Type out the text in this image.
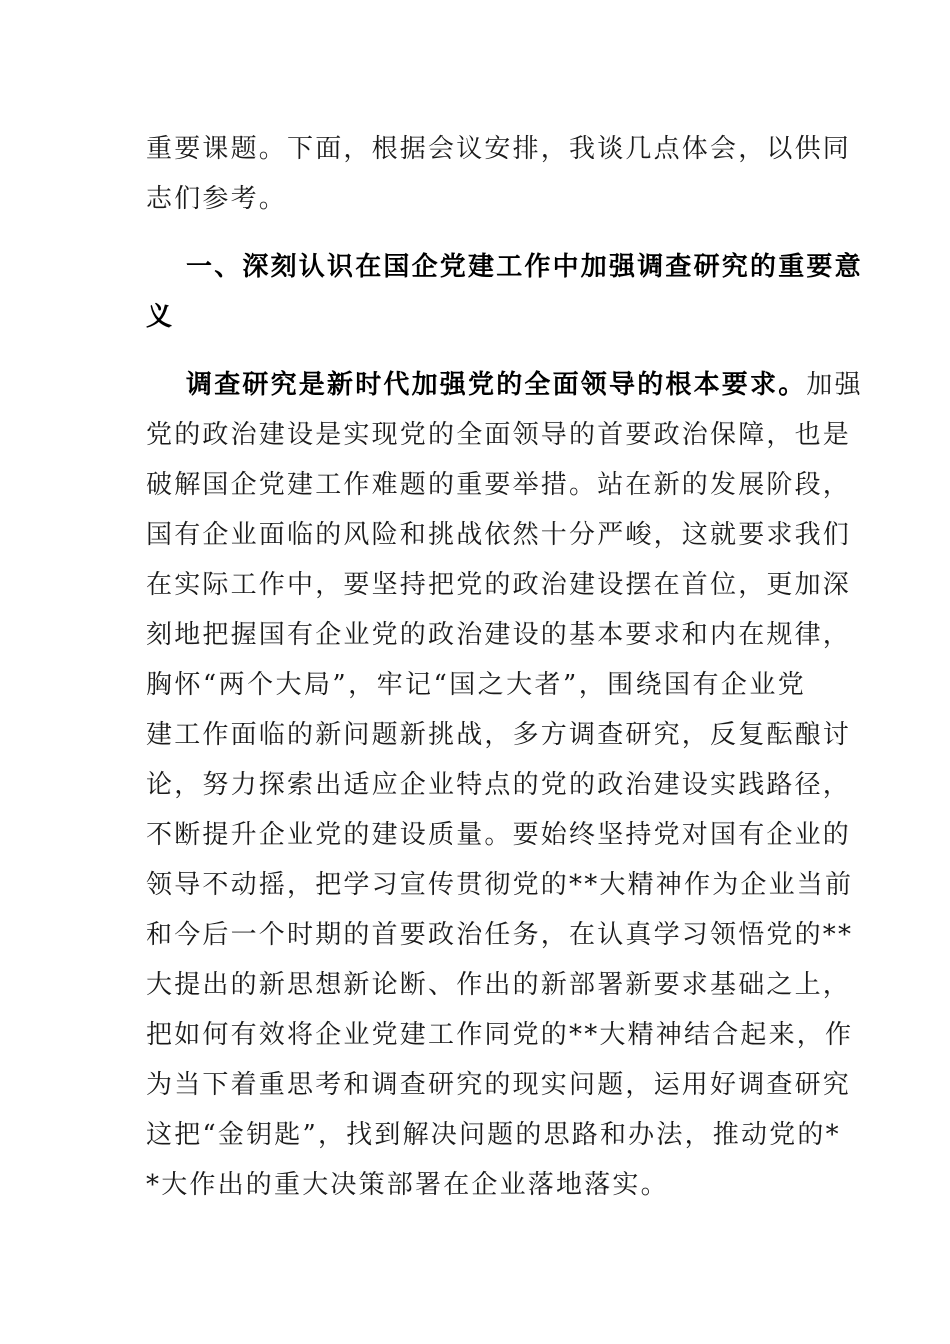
重要课题。下面，根据会议安排，我谈几点体会，以供同
志们参考。
一、深刻认识在国企党建工作中加强调查研究的重要意
义
调查研究是新时代加强党的全面领导的根本要求。加强
党的政治建设是实现党的全面领导的首要政治保障，也是
破解国企党建工作难题的重要举措。站在新的发展阶段，
国有企业面临的风险和挑战依然十分严峻，这就要求我们
在实际工作中，要坚持把党的政治建设摆在首位，更加深
刻地把握国有企业党的政治建设的基本要求和内在规律，
胸怀“两个大局”，牢记“国之大者”，围绕国有企业党
建工作面临的新问题新挑战，多方调查研究，反复酝酿讨
论，努力探索出适应企业特点的党的政治建设实践路径，
不断提升企业党的建设质量。要始终坚持党对国有企业的
领导不动摇，把学习宣传贯彻党的**大精神作为企业当前
和今后一个时期的首要政治任务，在认真学习领悟党的**
大提出的新思想新论断、作出的新部署新要求基础之上，
把如何有效将企业党建工作同党的**大精神结合起来，作
为当下着重思考和调查研究的现实问题，运用好调查研究
这把“金钥匙”，找到解决问题的思路和办法，推动党的*
*大作出的重大决策部署在企业落地落实。
